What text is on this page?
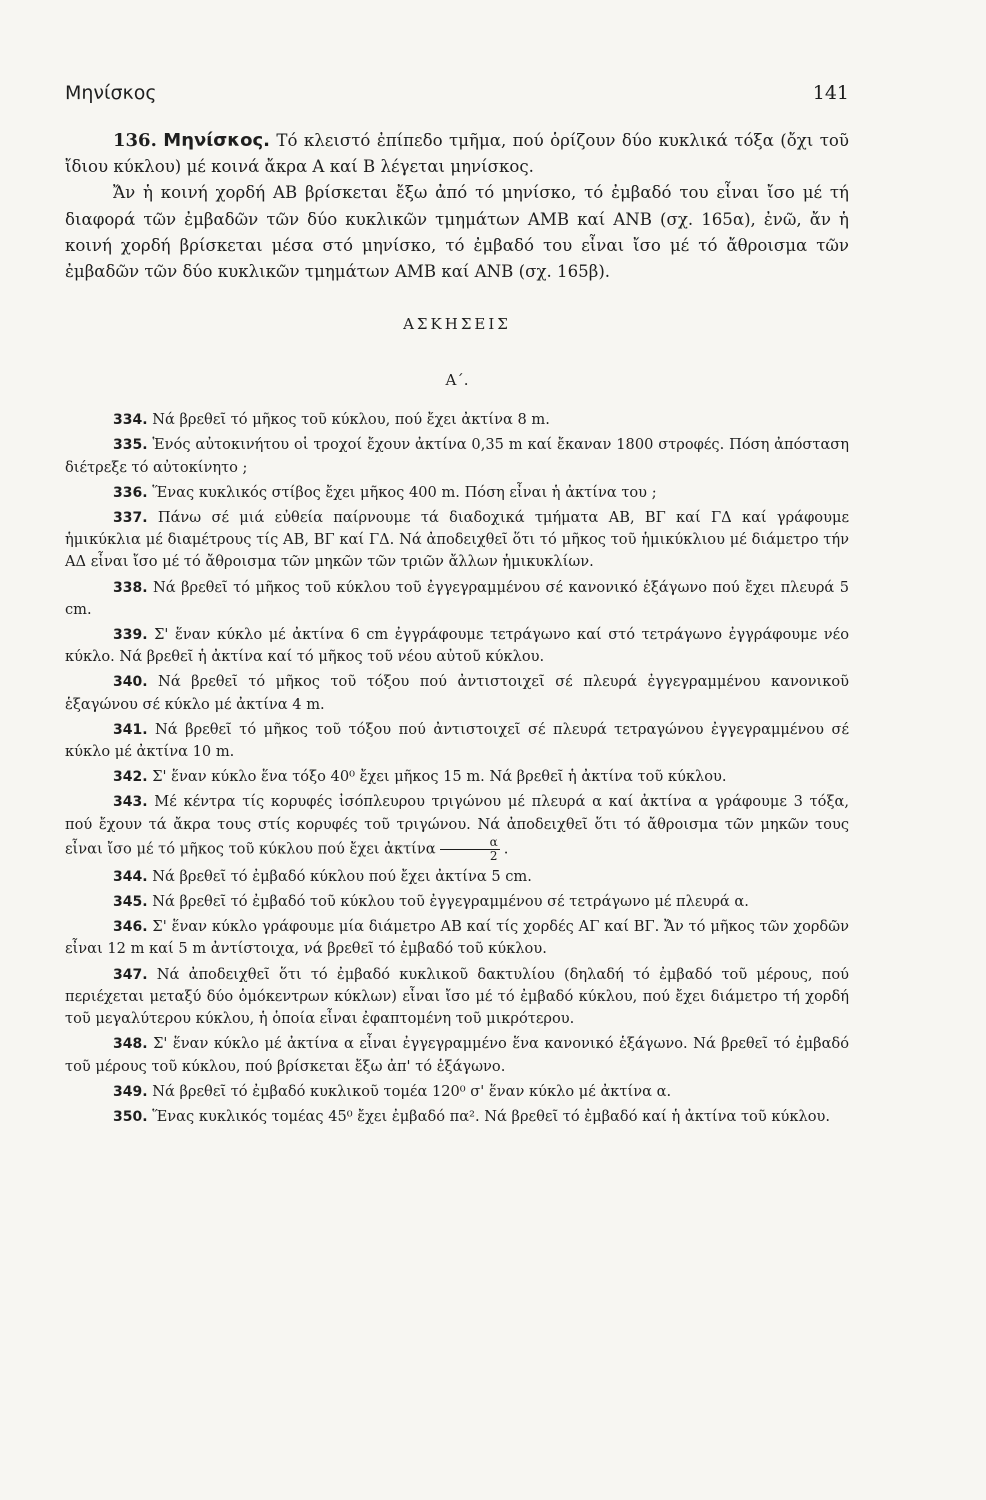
Μηνίσκος	141

136. Μηνίσκος. Τό κλειστό ἐπίπεδο τμῆμα, πού ὁρίζουν δύο κυκλικά τόξα (ὄχι τοῦ ἴδιου κύκλου) μέ κοινά ἄκρα Α καί Β λέγεται μηνίσκος.

Ἄν ἡ κοινή χορδή ΑΒ βρίσκεται ἔξω ἀπό τό μηνίσκο, τό ἐμβαδό του εἶναι ἴσο μέ τή διαφορά τῶν ἐμβαδῶν τῶν δύο κυκλικῶν τμημάτων ΑΜΒ καί ΑΝΒ (σχ. 165α), ἐνῶ, ἄν ἡ κοινή χορδή βρίσκεται μέσα στό μηνίσκο, τό ἐμβαδό του εἶναι ἴσο μέ τό ἄθροισμα τῶν ἐμβαδῶν τῶν δύο κυκλικῶν τμημάτων ΑΜΒ καί ΑΝΒ (σχ. 165β).

ΑΣΚΗΣΕΙΣ
Α΄.

334. Νά βρεθεῖ τό μῆκος τοῦ κύκλου, πού ἔχει ἀκτίνα 8 m.

335. Ἑνός αὐτοκινήτου οἱ τροχοί ἔχουν ἀκτίνα 0,35 m καί ἔκαναν 1800 στροφές. Πόση ἀπόσταση διέτρεξε τό αὐτοκίνητο ;

336. Ἕνας κυκλικός στίβος ἔχει μῆκος 400 m. Πόση εἶναι ἡ ἀκτίνα του ;

337. Πάνω σέ μιά εὐθεία παίρνουμε τά διαδοχικά τμήματα ΑΒ, ΒΓ καί ΓΔ καί γράφουμε ἡμικύκλια μέ διαμέτρους τίς ΑΒ, ΒΓ καί ΓΔ. Νά ἀποδειχθεῖ ὅτι τό μῆκος τοῦ ἡμικύκλιου μέ διάμετρο τήν ΑΔ εἶναι ἴσο μέ τό ἄθροισμα τῶν μηκῶν τῶν τριῶν ἄλλων ἡμικυκλίων.

338. Νά βρεθεῖ τό μῆκος τοῦ κύκλου τοῦ ἐγγεγραμμένου σέ κανονικό ἑξάγωνο πού ἔχει πλευρά 5 cm.

339. Σ' ἕναν κύκλο μέ ἀκτίνα 6 cm ἐγγράφουμε τετράγωνο καί στό τετράγωνο ἐγγράφουμε νέο κύκλο. Νά βρεθεῖ ἡ ἀκτίνα καί τό μῆκος τοῦ νέου αὐτοῦ κύκλου.

340. Νά βρεθεῖ τό μῆκος τοῦ τόξου πού ἀντιστοιχεῖ σέ πλευρά ἐγγεγραμμένου κανονικοῦ ἑξαγώνου σέ κύκλο μέ ἀκτίνα 4 m.

341. Νά βρεθεῖ τό μῆκος τοῦ τόξου πού ἀντιστοιχεῖ σέ πλευρά τετραγώνου ἐγγεγραμμένου σέ κύκλο μέ ἀκτίνα 10 m.

342. Σ' ἕναν κύκλο ἕνα τόξο 40⁰ ἔχει μῆκος 15 m. Νά βρεθεῖ ἡ ἀκτίνα τοῦ κύκλου.

343. Μέ κέντρα τίς κορυφές ἰσόπλευρου τριγώνου μέ πλευρά α καί ἀκτίνα α γράφουμε 3 τόξα, πού ἔχουν τά ἄκρα τους στίς κορυφές τοῦ τριγώνου. Νά ἀποδειχθεῖ ὅτι τό ἄθροισμα τῶν μηκῶν τους εἶναι ἴσο μέ τό μῆκος τοῦ κύκλου πού ἔχει ἀκτίνα $\frac{\alpha}{2}$ .

344. Νά βρεθεῖ τό ἐμβαδό κύκλου πού ἔχει ἀκτίνα 5 cm.

345. Νά βρεθεῖ τό ἐμβαδό τοῦ κύκλου τοῦ ἐγγεγραμμένου σέ τετράγωνο μέ πλευρά α.

346. Σ' ἕναν κύκλο γράφουμε μία διάμετρο ΑΒ καί τίς χορδές ΑΓ καί ΒΓ. Ἄν τό μῆκος τῶν χορδῶν εἶναι 12 m καί 5 m ἀντίστοιχα, νά βρεθεῖ τό ἐμβαδό τοῦ κύκλου.

347. Νά ἀποδειχθεῖ ὅτι τό ἐμβαδό κυκλικοῦ δακτυλίου (δηλαδή τό ἐμβαδό τοῦ μέρους, πού περιέχεται μεταξύ δύο ὁμόκεντρων κύκλων) εἶναι ἴσο μέ τό ἐμβαδό κύκλου, πού ἔχει διάμετρο τή χορδή τοῦ μεγαλύτερου κύκλου, ἡ ὁποία εἶναι ἐφαπτομένη τοῦ μικρότερου.

348. Σ' ἕναν κύκλο μέ ἀκτίνα α εἶναι ἐγγεγραμμένο ἕνα κανονικό ἑξάγωνο. Νά βρεθεῖ τό ἐμβαδό τοῦ μέρους τοῦ κύκλου, πού βρίσκεται ἔξω ἀπ' τό ἑξάγωνο.

349. Νά βρεθεῖ τό ἐμβαδό κυκλικοῦ τομέα 120⁰ σ' ἕναν κύκλο μέ ἀκτίνα α.

350. Ἕνας κυκλικός τομέας 45⁰ ἔχει ἐμβαδό πα². Νά βρεθεῖ τό ἐμβαδό καί ἡ ἀκτίνα τοῦ κύκλου.
